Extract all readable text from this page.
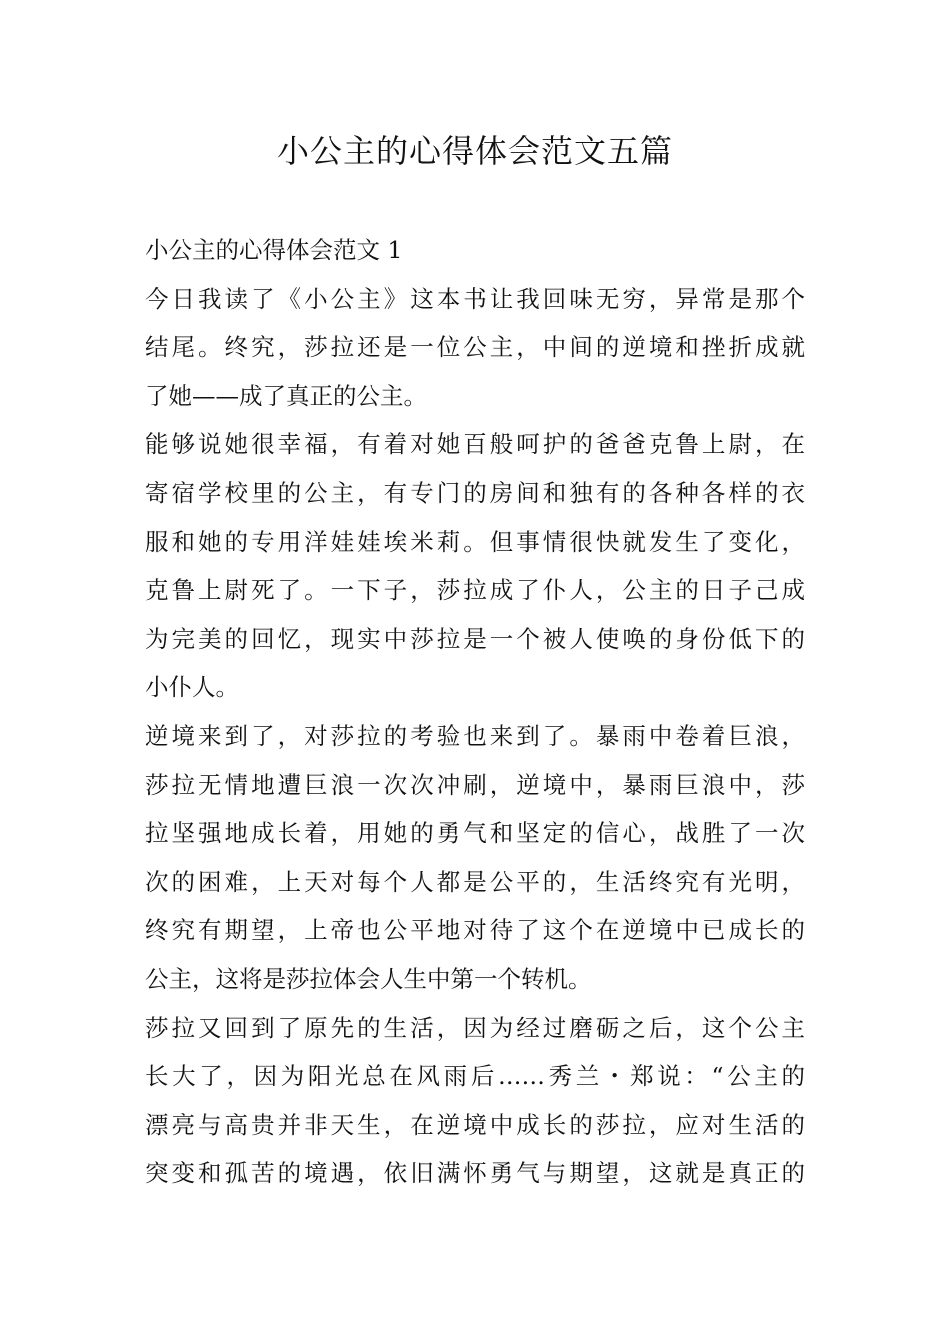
小公主的心得体会范文五篇

小公主的心得体会范文 1

今日我读了《小公主》这本书让我回味无穷，异常是那个
结尾。终究，莎拉还是一位公主，中间的逆境和挫折成就
了她——成了真正的公主。

能够说她很幸福，有着对她百般呵护的爸爸克鲁上尉，在
寄宿学校里的公主，有专门的房间和独有的各种各样的衣
服和她的专用洋娃娃埃米莉。但事情很快就发生了变化，
克鲁上尉死了。一下子，莎拉成了仆人，公主的日子己成
为完美的回忆，现实中莎拉是一个被人使唤的身份低下的
小仆人。

逆境来到了，对莎拉的考验也来到了。暴雨中卷着巨浪，
莎拉无情地遭巨浪一次次冲刷，逆境中，暴雨巨浪中，莎
拉坚强地成长着，用她的勇气和坚定的信心，战胜了一次
次的困难，上天对每个人都是公平的，生活终究有光明，
终究有期望，上帝也公平地对待了这个在逆境中已成长的
公主，这将是莎拉体会人生中第一个转机。

莎拉又回到了原先的生活，因为经过磨砺之后，这个公主
长大了，因为阳光总在风雨后……秀兰・郑说：“公主的
漂亮与高贵并非天生，在逆境中成长的莎拉，应对生活的
突变和孤苦的境遇，依旧满怀勇气与期望，这就是真正的
